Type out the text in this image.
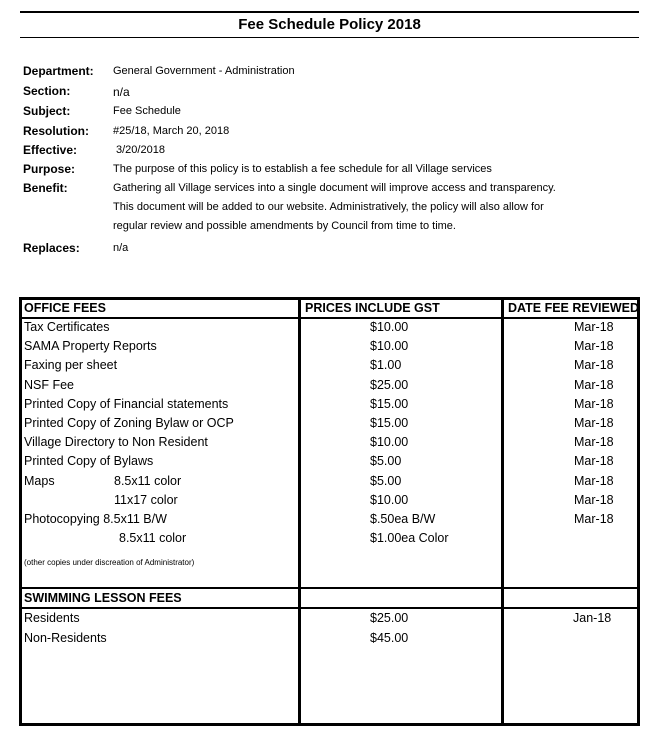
Fee Schedule Policy 2018
Department: General Government - Administration
Section:	n/a
Subject:	Fee Schedule
Resolution: #25/18, March 20, 2018
Effective:	3/20/2018
Purpose:	The purpose of this policy is to establish a fee schedule for all Village services
Benefit:	Gathering all Village services into a single document will improve access and transparency.
This document will be added to our website. Administratively, the policy will also allow for
regular review and possible amendments by Council from time to time.
Replaces:	n/a
OFFICE FEES	PRICES INCLUDE GST	DATE FEE REVIEWED
Tax Certificates	$10.00	Mar-18
SAMA Property Reports	$10.00	Mar-18
Faxing per sheet	$1.00	Mar-18
NSF Fee	$25.00	Mar-18
Printed Copy of Financial statements	$15.00	Mar-18
Printed Copy of Zoning Bylaw or OCP	$15.00	Mar-18
Village Directory to Non Resident	$10.00	Mar-18
Printed Copy of Bylaws	$5.00	Mar-18
Maps	8.5x11 color	$5.00	Mar-18
11x17 color	$10.00	Mar-18
Photocopying 8.5x11 B/W	$.50ea B/W	Mar-18
8.5x11 color	$1.00ea Color
(other copies under discreation of Administrator)
SWIMMING LESSON FEES
Residents	$25.00	Jan-18
Non-Residents	$45.00
